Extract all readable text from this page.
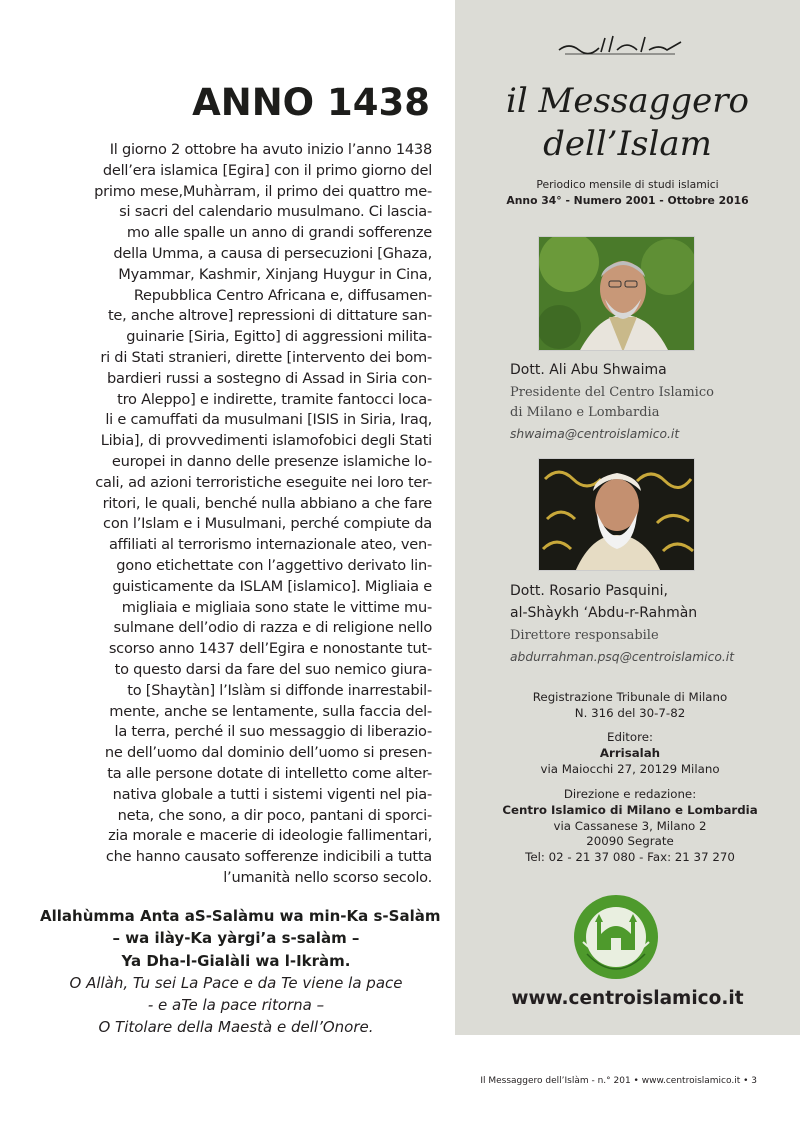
ANNO 1438
Il giorno 2 ottobre ha avuto inizio l’anno 1438
dell’era islamica [Egira] con il primo giorno del
primo mese,Muhàrram, il primo dei quattro me-
si sacri del calendario musulmano. Ci lascia-
mo alle spalle un anno di grandi sofferenze
della Umma, a causa di persecuzioni [Ghaza,
Myammar, Kashmir, Xinjang Huygur in Cina,
Repubblica Centro Africana e, diffusamen-
te, anche altrove] repressioni di dittature san-
guinarie [Siria, Egitto] di aggressioni milita-
ri di Stati stranieri, dirette [intervento dei bom-
bardieri russi a sostegno di Assad in Siria con-
tro Aleppo] e indirette, tramite fantocci loca-
li e camuffati da musulmani [ISIS in Siria, Iraq,
Libia], di provvedimenti islamofobici degli Stati
europei in danno delle presenze islamiche lo-
cali, ad azioni terroristiche eseguite nei loro ter-
ritori, le quali, benché nulla abbiano a che fare
con l’Islam e i Musulmani, perché compiute da
affiliati al terrorismo internazionale ateo, ven-
gono etichettate con l’aggettivo derivato lin-
guisticamente da ISLAM [islamico]. Migliaia e
migliaia e migliaia sono state le vittime mu-
sulmane dell’odio di razza e di religione nello
scorso anno 1437 dell’Egira e nonostante tut-
to questo darsi da fare del suo nemico giura-
to [Shaytàn] l’Islàm si diffonde inarrestabil-
mente, anche se lentamente, sulla faccia del-
la terra, perché il suo messaggio di liberazio-
ne dell’uomo dal dominio dell’uomo si presen-
ta alle persone dotate di intelletto come alter-
nativa globale a tutti i sistemi vigenti nel pia-
neta, che sono, a dir poco, pantani di sporci-
zia morale e macerie di ideologie fallimentari,
che hanno causato sofferenze indicibili a tutta
l’umanità nello scorso secolo.
Allahùmma Anta aS-Salàmu wa min-Ka s-Salàm
– wa ilày-Ka yàrgi’a s-salàm –
Ya Dha-l-Gialàli wa l-Ikràm.
O Allàh, Tu sei La Pace e da Te viene la pace
- e aTe la pace ritorna –
O Titolare della Maestà e dell’Onore.
il Messaggero
dell’Islam
Periodico mensile di studi islamici
Anno 34° - Numero 2001 - Ottobre 2016
Dott. Ali Abu Shwaima
Presidente del Centro Islamico
di Milano e Lombardia
shwaima@centroislamico.it
Dott. Rosario Pasquini,
al-Shàykh ‘Abdu-r-Rahmàn
Direttore responsabile
abdurrahman.psq@centroislamico.it
Registrazione Tribunale di Milano
N. 316 del 30-7-82
Editore:
Arrisalah
via Maiocchi 27, 20129 Milano
Direzione e redazione:
Centro Islamico di Milano e Lombardia
via Cassanese 3, Milano 2
20090 Segrate
Tel: 02 - 21 37 080 - Fax: 21 37 270
www.centroislamico.it
Il Messaggero dell’Islàm - n.° 201 • www.centroislamico.it • 3
